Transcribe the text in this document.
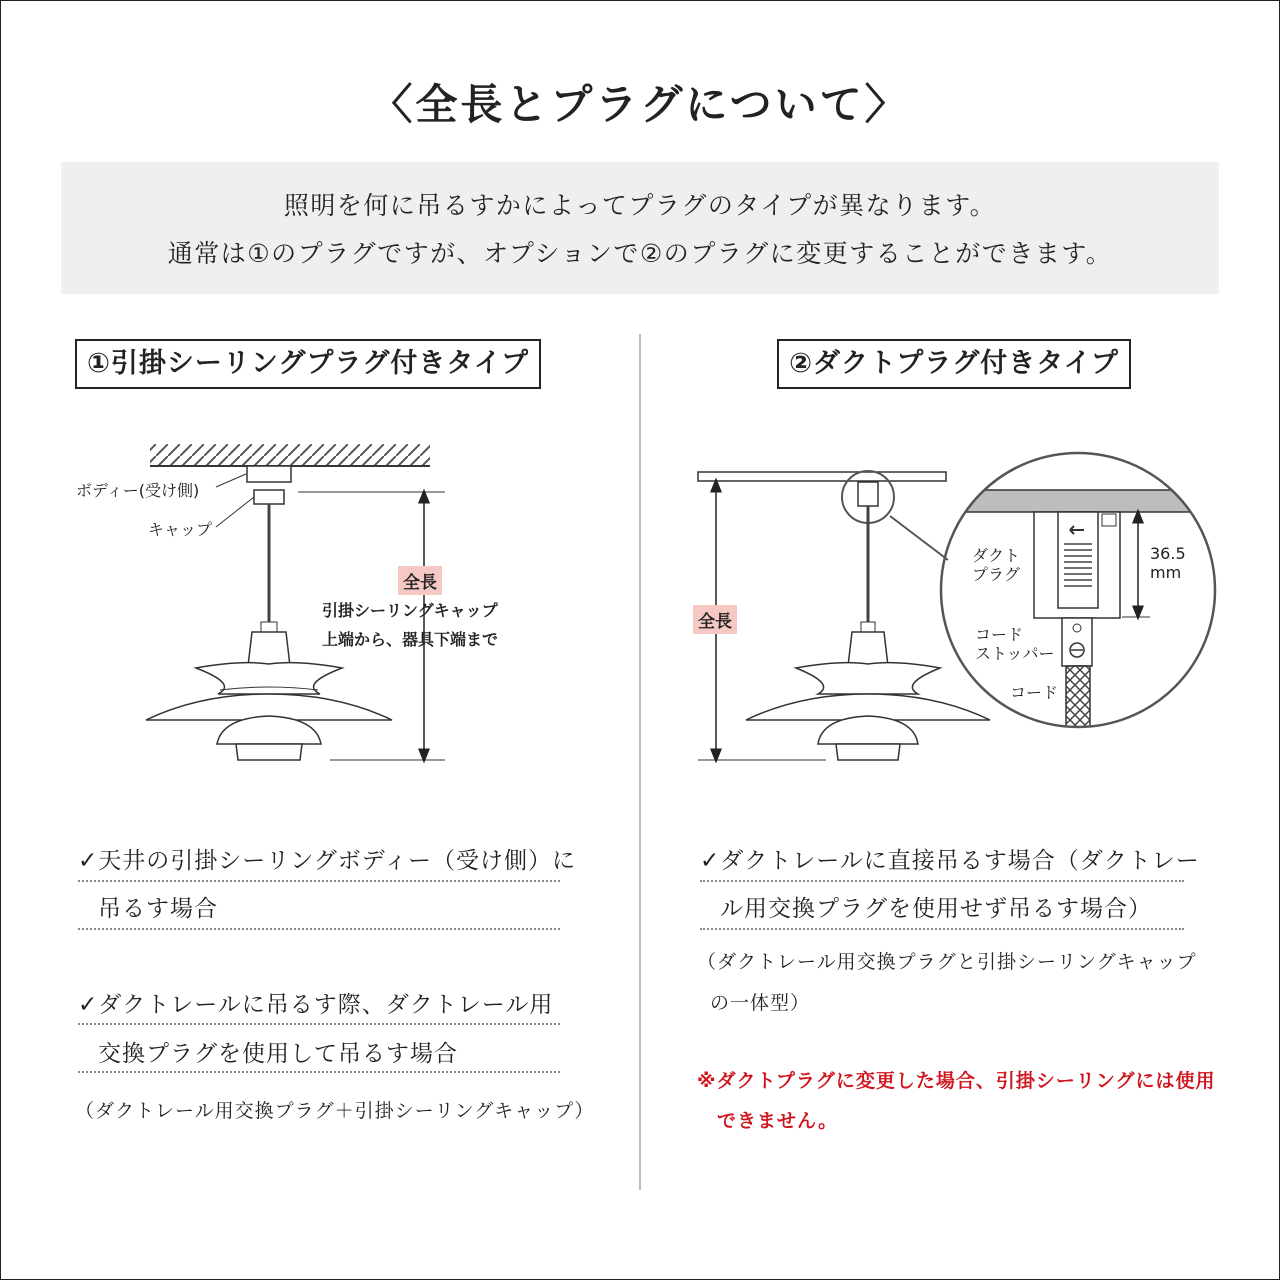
〈全長とプラグについて〉

照明を何に吊るすかによってプラグのタイプが異なります。

通常は①のプラグですが、オプションで②のプラグに変更することができます。

①引掛シーリングプラグ付きタイプ	②ダクトプラグ付きタイプ
ボディー(受け側)
キャップ
全長
引掛シーリングキャップ
上端から、器具下端まで
全長
ダクト
プラグ
36.5
mm
コード
ストッパー
コード
✓天井の引掛シーリングボディー（受け側）に
吊るす場合
✓ダクトレールに吊るす際、ダクトレール用
交換プラグを使用して吊るす場合
（ダクトレール用交換プラグ＋引掛シーリングキャップ）
✓ダクトレールに直接吊るす場合（ダクトレー
ル用交換プラグを使用せず吊るす場合）
（ダクトレール用交換プラグと引掛シーリングキャップ
の一体型）
※ダクトプラグに変更した場合、引掛シーリングには使用
できません。
